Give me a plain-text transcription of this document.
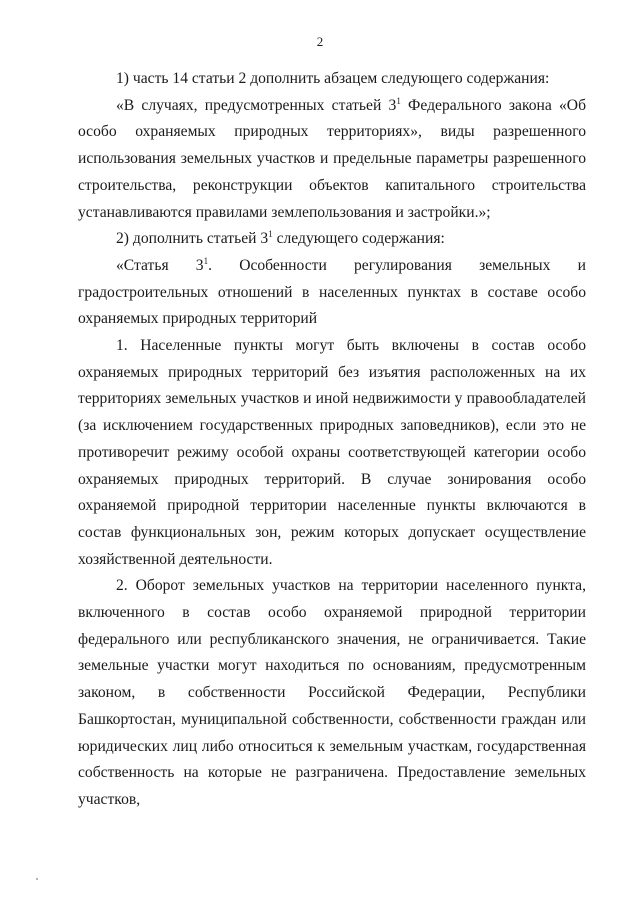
2

1) часть 14 статьи 2 дополнить абзацем следующего содержания:

«В случаях, предусмотренных статьей $3^1$ Федерального закона «Об особо охраняемых природных территориях», виды разрешенного использования земельных участков и предельные параметры разрешенного строительства, реконструкции объектов капитального строительства устанавливаются правилами землепользования и застройки.»;

2) дополнить статьей $3^1$ следующего содержания:

«Статья $3^1$. Особенности регулирования земельных и градостроительных отношений в населенных пунктах в составе особо охраняемых природных территорий

1. Населенные пункты могут быть включены в состав особо охраняемых природных территорий без изъятия расположенных на их территориях земельных участков и иной недвижимости у правообладателей (за исключением государственных природных заповедников), если это не противоречит режиму особой охраны соответствующей категории особо охраняемых природных территорий. В случае зонирования особо охраняемой природной территории населенные пункты включаются в состав функциональных зон, режим которых допускает осуществление хозяйственной деятельности.

2. Оборот земельных участков на территории населенного пункта, включенного в состав особо охраняемой природной территории федерального или республиканского значения, не ограничивается. Такие земельные участки могут находиться по основаниям, предусмотренным законом, в собственности Российской Федерации, Республики Башкортостан, муниципальной собственности, собственности граждан или юридических лиц либо относиться к земельным участкам, государственная собственность на которые не разграничена. Предоставление земельных участков,
